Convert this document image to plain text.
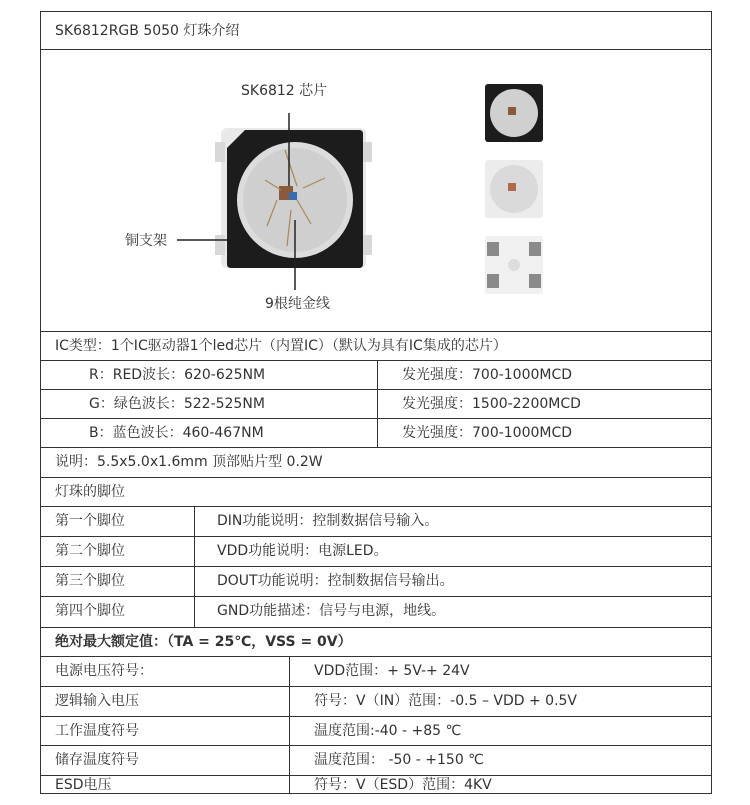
SK6812RGB 5050 灯珠介绍
SK6812 芯片
铜支架
9根纯金线
IC类型：1个IC驱动器1个led芯片（内置IC）（默认为具有IC集成的芯片）
R：RED波长：620-625NM	发光强度：700-1000MCD
G：绿色波长：522-525NM	发光强度：1500-2200MCD
B：蓝色波长：460-467NM	发光强度：700-1000MCD
说明：5.5x5.0x1.6mm 顶部贴片型 0.2W
灯珠的脚位
第一个脚位	DIN功能说明：控制数据信号输入。
第二个脚位	VDD功能说明：电源LED。
第三个脚位	DOUT功能说明：控制数据信号输出。
第四个脚位	GND功能描述：信号与电源，地线。
绝对最大额定值：（TA = 25℃，VSS = 0V）
电源电压符号：	VDD范围：+ 5V-+ 24V
逻辑输入电压	符号：V（IN）范围：-0.5 – VDD + 0.5V
工作温度符号	温度范围:-40 - +85 ℃
储存温度符号	温度范围： -50 - +150 ℃
ESD电压	符号：V（ESD）范围：4KV
